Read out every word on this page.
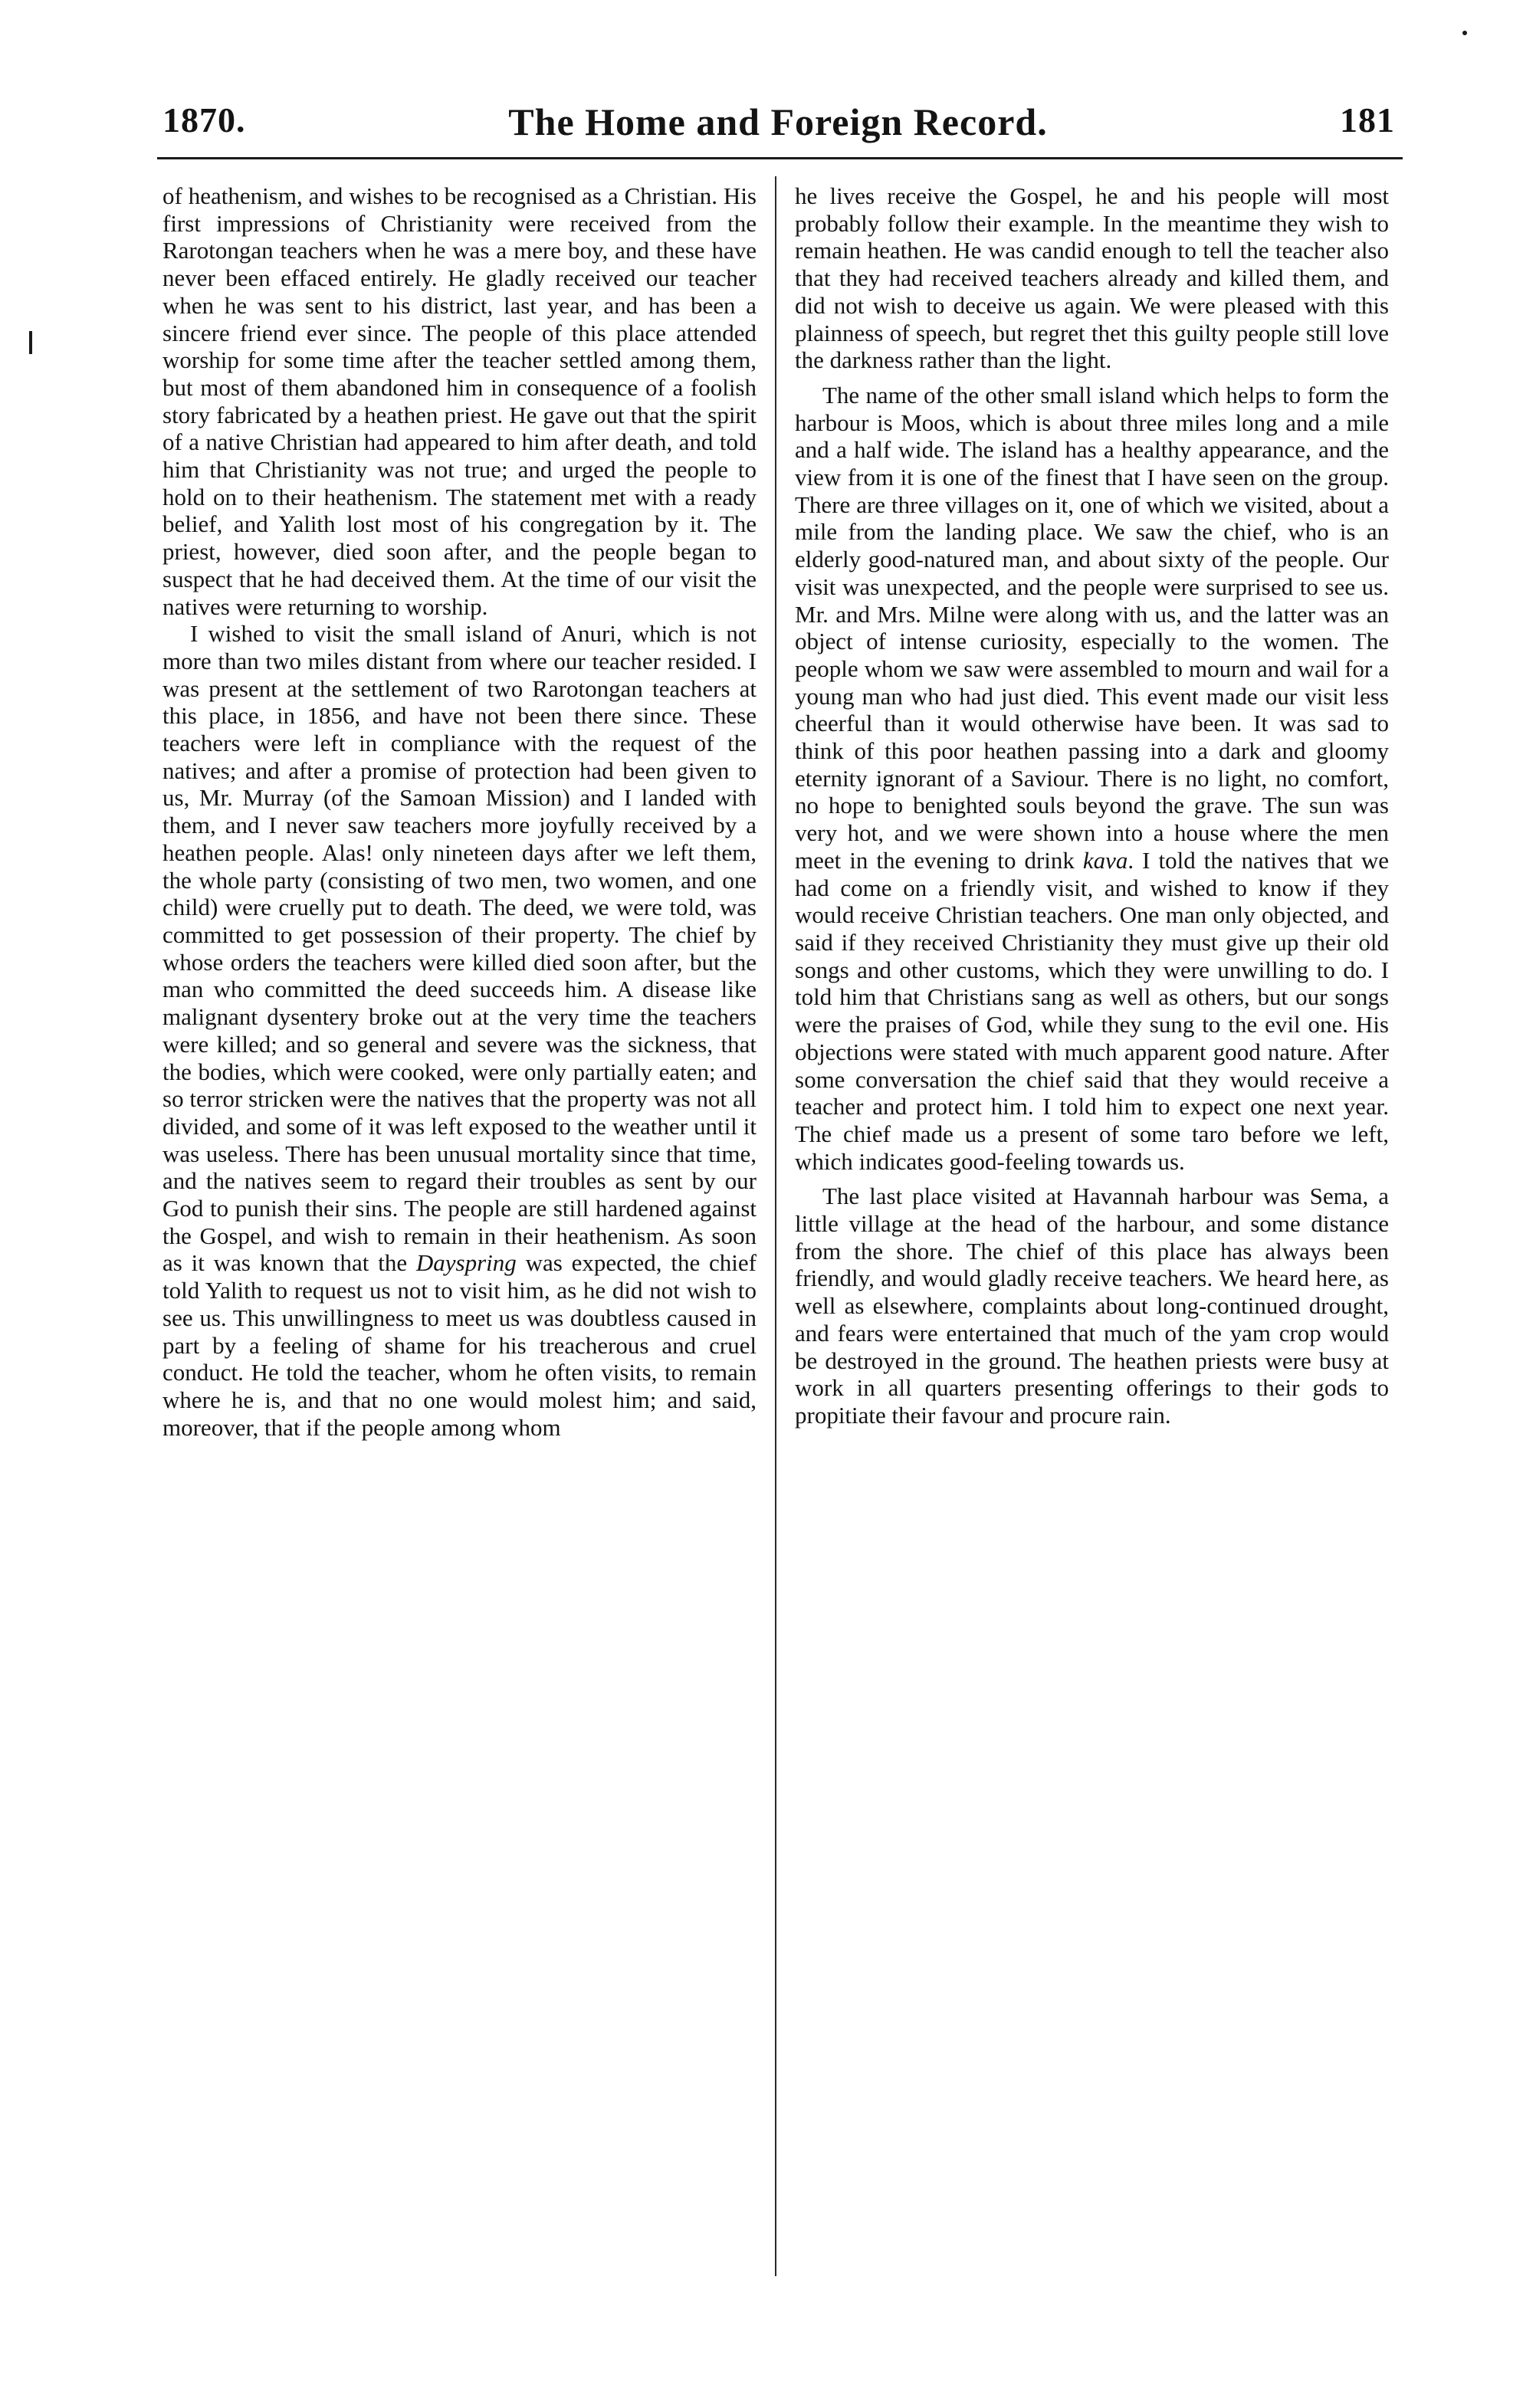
1870.	The Home and Foreign Record.	181

of heathenism, and wishes to be recognised as a Christian. His first impressions of Christianity were received from the Rarotongan teachers when he was a mere boy, and these have never been effaced entirely. He gladly received our teacher when he was sent to his district, last year, and has been a sincere friend ever since. The people of this place attended worship for some time after the teacher settled among them, but most of them abandoned him in consequence of a foolish story fabricated by a heathen priest. He gave out that the spirit of a native Christian had appeared to him after death, and told him that Christianity was not true; and urged the people to hold on to their heathenism. The statement met with a ready belief, and Yalith lost most of his congregation by it. The priest, however, died soon after, and the people began to suspect that he had deceived them. At the time of our visit the natives were returning to worship.

I wished to visit the small island of Anuri, which is not more than two miles distant from where our teacher resided. I was present at the settlement of two Rarotongan teachers at this place, in 1856, and have not been there since. These teachers were left in compliance with the request of the natives; and after a promise of protection had been given to us, Mr. Murray (of the Samoan Mission) and I landed with them, and I never saw teachers more joyfully received by a heathen people. Alas! only nineteen days after we left them, the whole party (consisting of two men, two women, and one child) were cruelly put to death. The deed, we were told, was committed to get possession of their property. The chief by whose orders the teachers were killed died soon after, but the man who committed the deed succeeds him. A disease like malignant dysentery broke out at the very time the teachers were killed; and so general and severe was the sickness, that the bodies, which were cooked, were only partially eaten; and so terror stricken were the natives that the property was not all divided, and some of it was left exposed to the weather until it was useless. There has been unusual mortality since that time, and the natives seem to regard their troubles as sent by our God to punish their sins. The people are still hardened against the Gospel, and wish to remain in their heathenism. As soon as it was known that the Dayspring was expected, the chief told Yalith to request us not to visit him, as he did not wish to see us. This unwillingness to meet us was doubtless caused in part by a feeling of shame for his treacherous and cruel conduct. He told the teacher, whom he often visits, to remain where he is, and that no one would molest him; and said, moreover, that if the people among whom

he lives receive the Gospel, he and his people will most probably follow their example. In the meantime they wish to remain heathen. He was candid enough to tell the teacher also that they had received teachers already and killed them, and did not wish to deceive us again. We were pleased with this plainness of speech, but regret thet this guilty people still love the darkness rather than the light.

The name of the other small island which helps to form the harbour is Moos, which is about three miles long and a mile and a half wide. The island has a healthy appearance, and the view from it is one of the finest that I have seen on the group. There are three villages on it, one of which we visited, about a mile from the landing place. We saw the chief, who is an elderly good-natured man, and about sixty of the people. Our visit was unexpected, and the people were surprised to see us. Mr. and Mrs. Milne were along with us, and the latter was an object of intense curiosity, especially to the women. The people whom we saw were assembled to mourn and wail for a young man who had just died. This event made our visit less cheerful than it would otherwise have been. It was sad to think of this poor heathen passing into a dark and gloomy eternity ignorant of a Saviour. There is no light, no comfort, no hope to benighted souls beyond the grave. The sun was very hot, and we were shown into a house where the men meet in the evening to drink kava. I told the natives that we had come on a friendly visit, and wished to know if they would receive Christian teachers. One man only objected, and said if they received Christianity they must give up their old songs and other customs, which they were unwilling to do. I told him that Christians sang as well as others, but our songs were the praises of God, while they sung to the evil one. His objections were stated with much apparent good nature. After some conversation the chief said that they would receive a teacher and protect him. I told him to expect one next year. The chief made us a present of some taro before we left, which indicates good-feeling towards us.

The last place visited at Havannah harbour was Sema, a little village at the head of the harbour, and some distance from the shore. The chief of this place has always been friendly, and would gladly receive teachers. We heard here, as well as elsewhere, complaints about long-continued drought, and fears were entertained that much of the yam crop would be destroyed in the ground. The heathen priests were busy at work in all quarters presenting offerings to their gods to propitiate their favour and procure rain.
